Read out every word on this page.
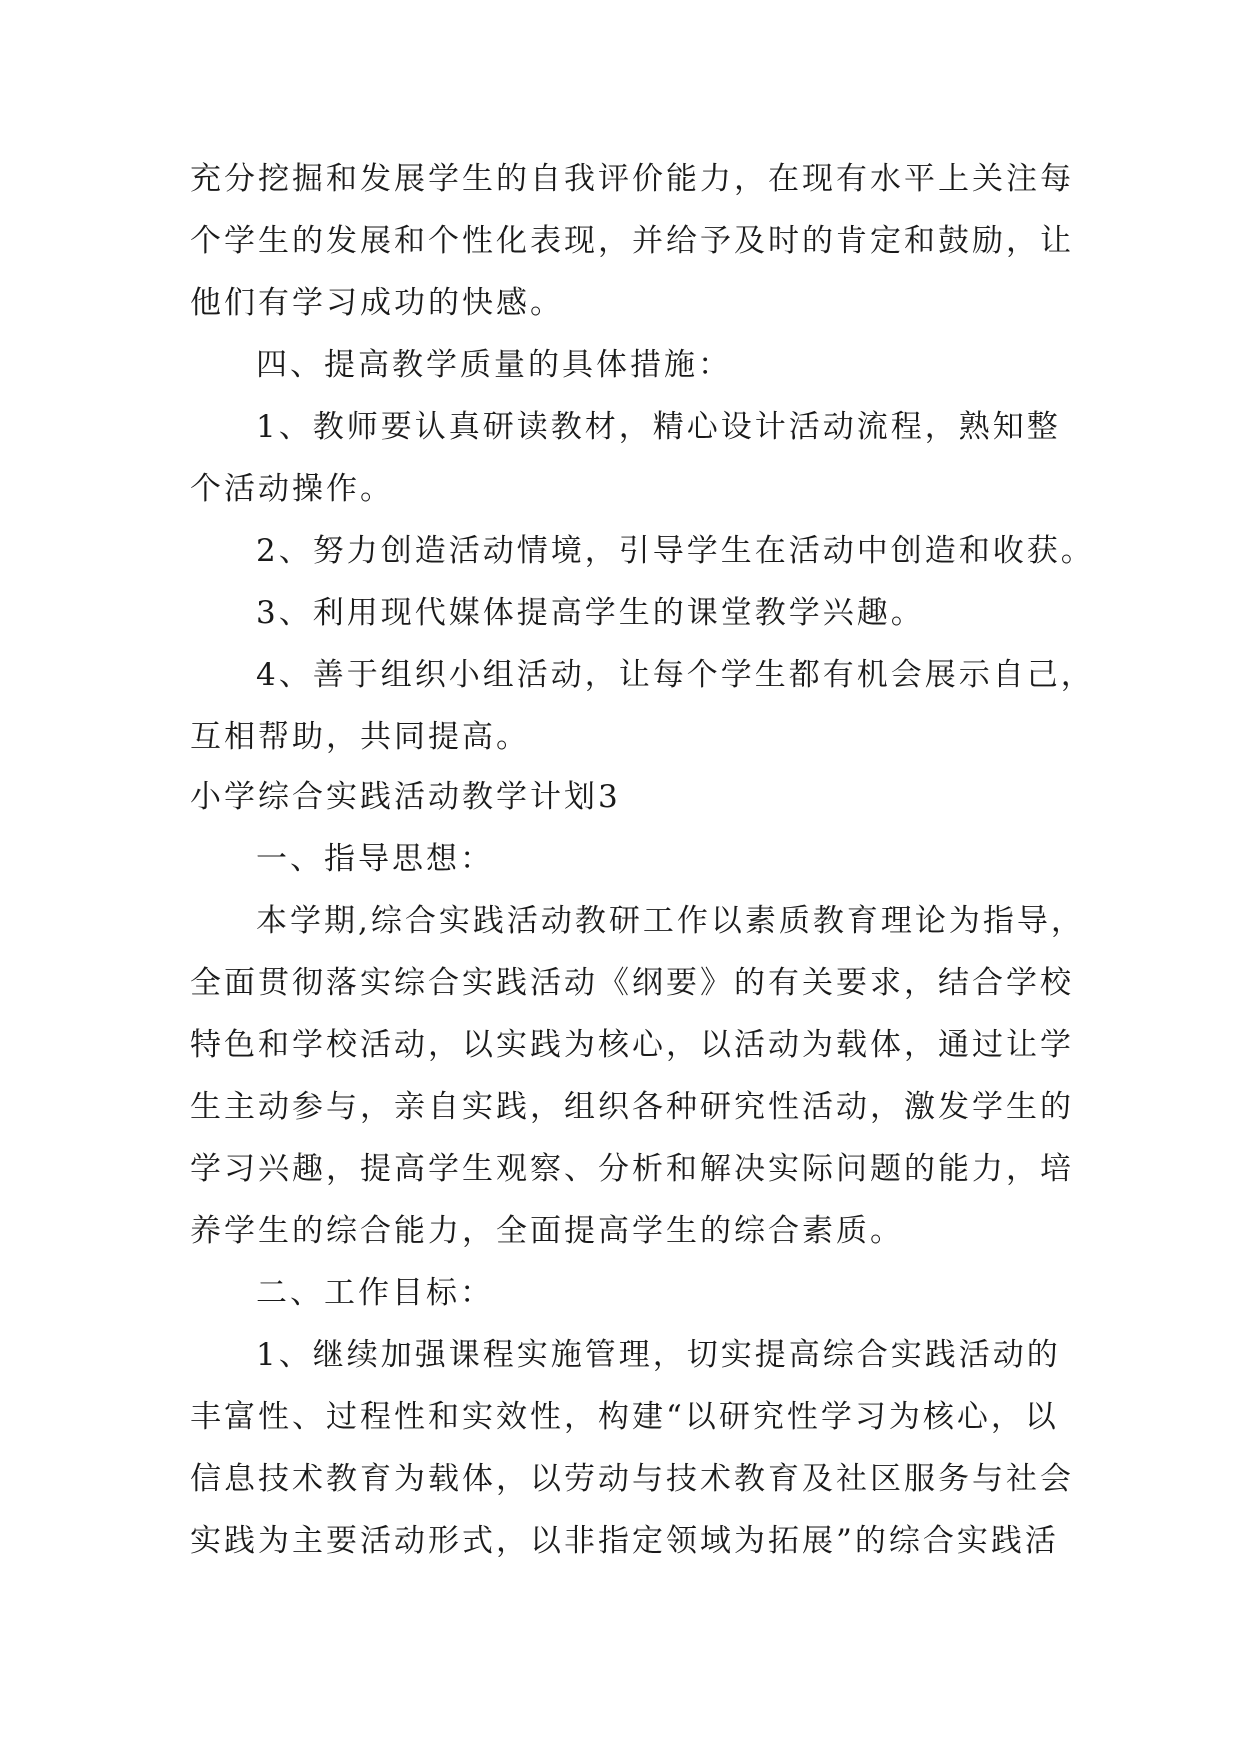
充分挖掘和发展学生的自我评价能力，在现有水平上关注每
个学生的发展和个性化表现，并给予及时的肯定和鼓励，让
他们有学习成功的快感。
四、提高教学质量的具体措施：
1、教师要认真研读教材，精心设计活动流程，熟知整
个活动操作。
2、努力创造活动情境，引导学生在活动中创造和收获。
3、利用现代媒体提高学生的课堂教学兴趣。
4、善于组织小组活动，让每个学生都有机会展示自己，
互相帮助，共同提高。
小学综合实践活动教学计划3
一、指导思想：
本学期,综合实践活动教研工作以素质教育理论为指导，
全面贯彻落实综合实践活动《纲要》的有关要求，结合学校
特色和学校活动，以实践为核心，以活动为载体，通过让学
生主动参与，亲自实践，组织各种研究性活动，激发学生的
学习兴趣，提高学生观察、分析和解决实际问题的能力，培
养学生的综合能力，全面提高学生的综合素质。
二、工作目标：
1、继续加强课程实施管理，切实提高综合实践活动的
丰富性、过程性和实效性，构建“以研究性学习为核心，以
信息技术教育为载体，以劳动与技术教育及社区服务与社会
实践为主要活动形式，以非指定领域为拓展”的综合实践活
